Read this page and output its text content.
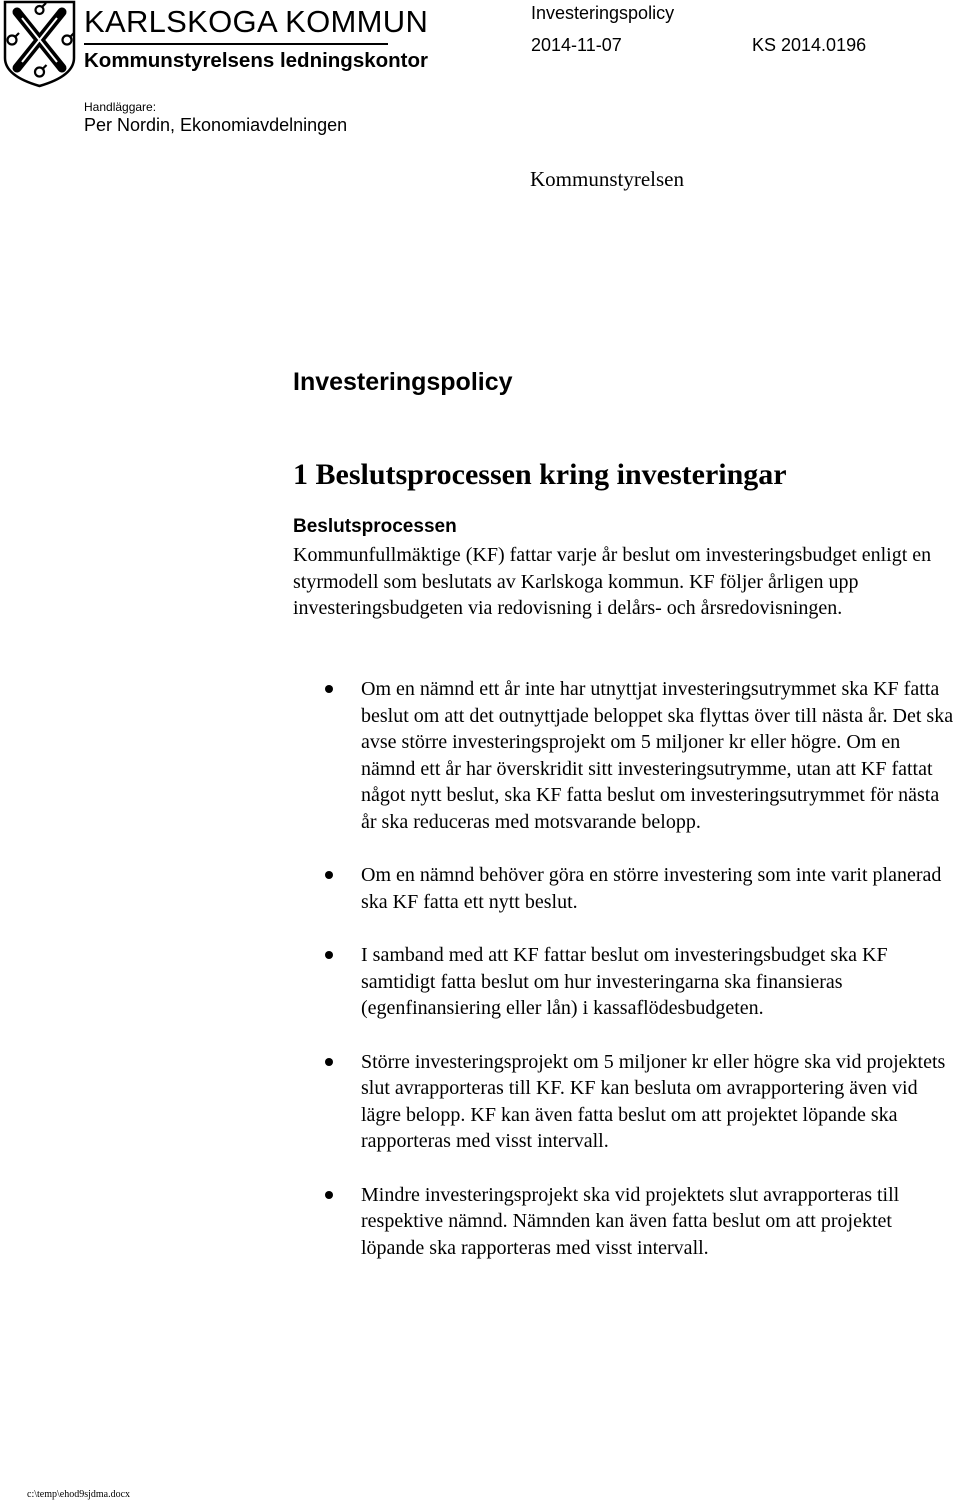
KARLSKOGA KOMMUN
Kommunstyrelsens ledningskontor
Investeringspolicy
2014-11-07	KS 2014.0196
Handläggare:
Per Nordin, Ekonomiavdelningen
Kommunstyrelsen
Investeringspolicy
1 Beslutsprocessen kring investeringar
Beslutsprocessen
Kommunfullmäktige (KF) fattar varje år beslut om investeringsbudget enligt en styrmodell som beslutats av Karlskoga kommun. KF följer årligen upp investeringsbudgeten via redovisning i delårs- och årsredovisningen.
Om en nämnd ett år inte har utnyttjat investeringsutrymmet ska KF fatta beslut om att det outnyttjade beloppet ska flyttas över till nästa år. Det ska avse större investeringsprojekt om 5 miljoner kr eller högre. Om en nämnd ett år har överskridit sitt investeringsutrymme, utan att KF fattat något nytt beslut, ska KF fatta beslut om investeringsutrymmet för nästa år ska reduceras med motsvarande belopp.
Om en nämnd behöver göra en större investering som inte varit planerad ska KF fatta ett nytt beslut.
I samband med att KF fattar beslut om investeringsbudget ska KF samtidigt fatta beslut om hur investeringarna ska finansieras (egenfinansiering eller lån) i kassaflödesbudgeten.
Större investeringsprojekt om 5 miljoner kr eller högre ska vid projektets slut avrapporteras till KF. KF kan besluta om avrapportering även vid lägre belopp. KF kan även fatta beslut om att projektet löpande ska rapporteras med visst intervall.
Mindre investeringsprojekt ska vid projektets slut avrapporteras till respektive nämnd. Nämnden kan även fatta beslut om att projektet löpande ska rapporteras med visst intervall.
c:\temp\ehod9sjdma.docx
